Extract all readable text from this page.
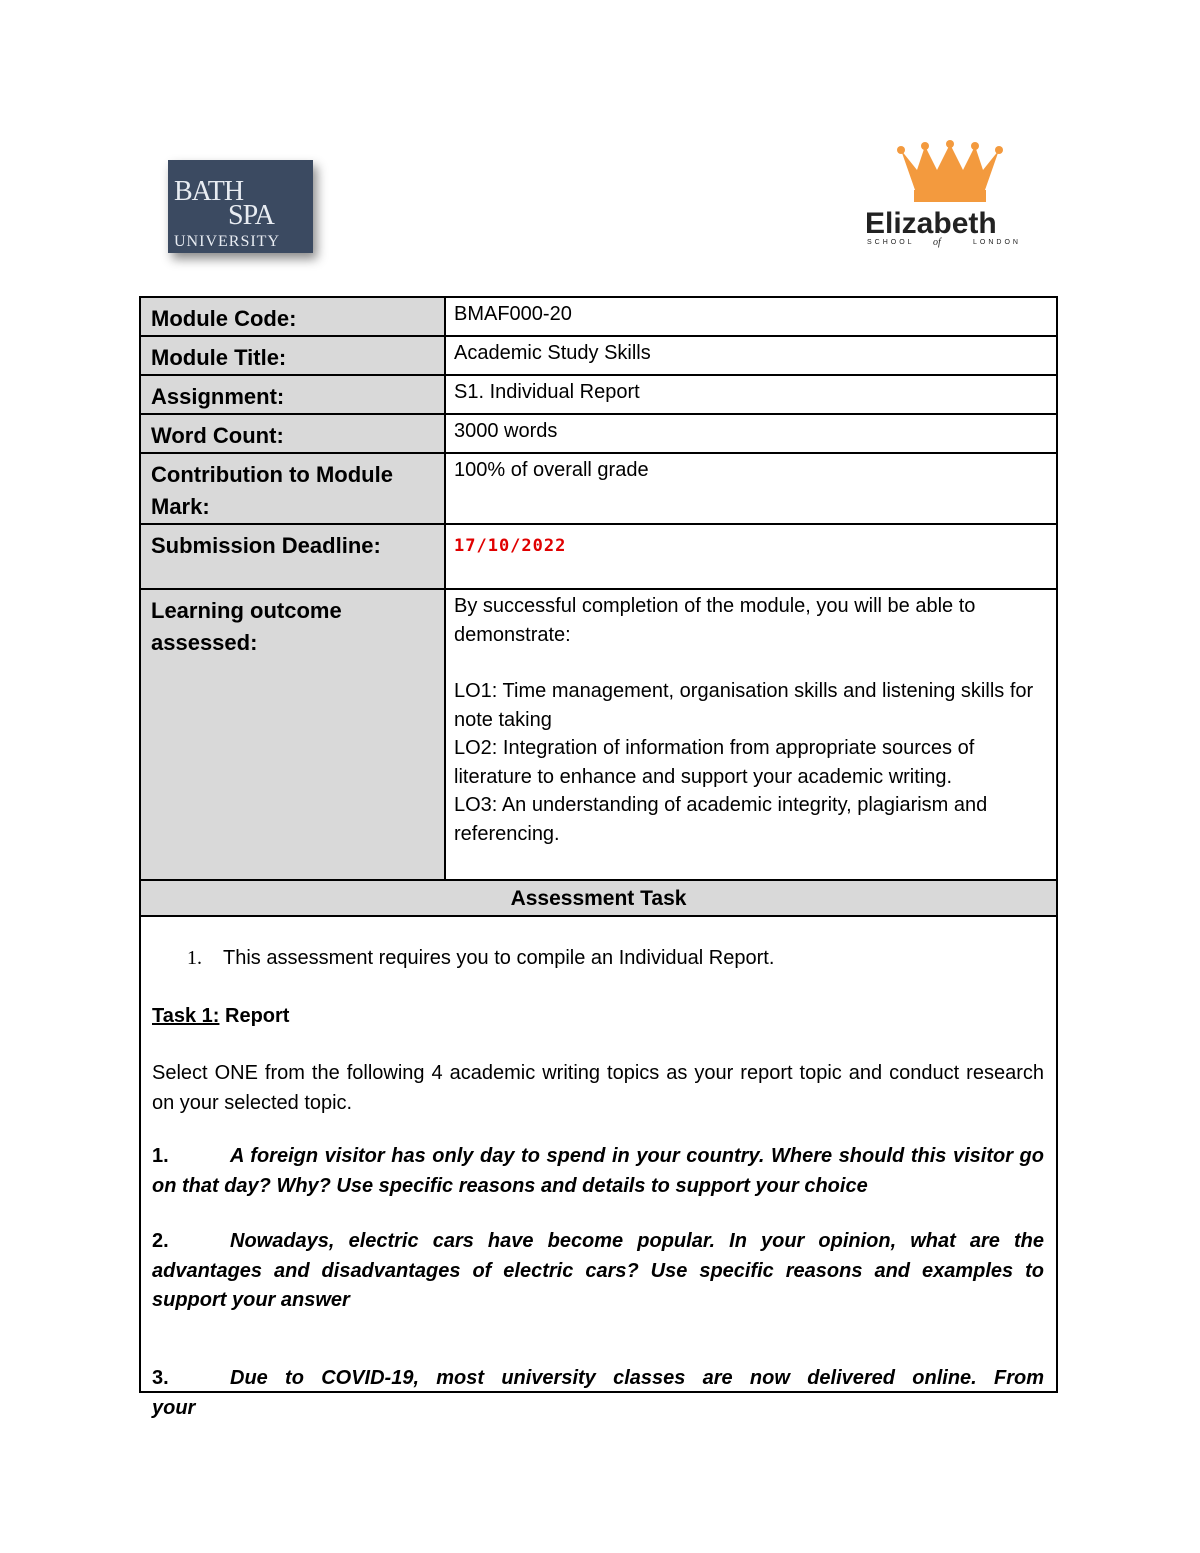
BATH
SPA
UNIVERSITY
Elizabeth
SCHOOL of	LONDON
Module Code:	BMAF000-20
Module Title:	Academic Study Skills
Assignment:	S1. Individual Report
Word Count:	3000 words
Contribution to Module Mark:	100% of overall grade
Submission Deadline:	17/10/2022
Learning outcome assessed:	By successful completion of the module, you will be able to demonstrate:

LO1: Time management, organisation skills and listening skills for note taking

LO2: Integration of information from appropriate sources of literature to enhance and support your academic writing.

LO3: An understanding of academic integrity, plagiarism and referencing.

Assessment Task
1. This assessment requires you to compile an Individual Report.
Task 1: Report
Select ONE from the following 4 academic writing topics as your report topic and conduct research on your selected topic.
1.	A foreign visitor has only day to spend in your country. Where should this visitor go on that day? Why? Use specific reasons and details to support your choice
2.	Nowadays, electric cars have become popular. In your opinion, what are the advantages and disadvantages of electric cars? Use specific reasons and examples to support your answer
3.	Due to COVID-19, most university classes are now delivered online. From your
